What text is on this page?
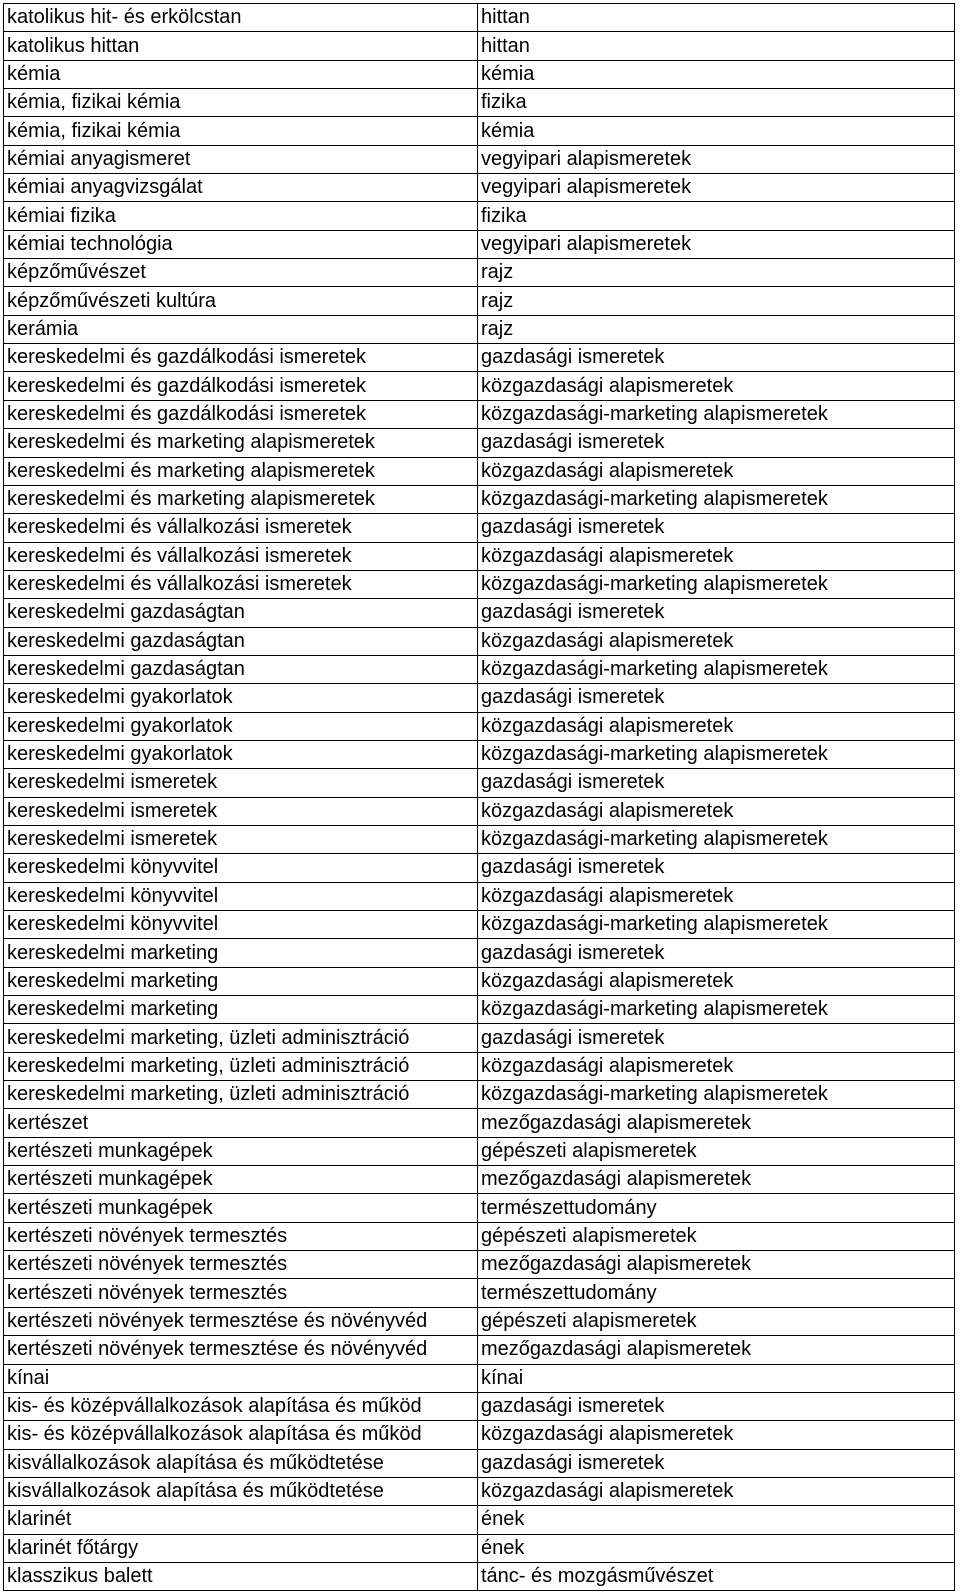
katolikus hit- és erkölcstan	hittan
katolikus hittan	hittan
kémia	kémia
kémia, fizikai kémia	fizika
kémia, fizikai kémia	kémia
kémiai anyagismeret	vegyipari alapismeretek
kémiai anyagvizsgálat	vegyipari alapismeretek
kémiai fizika	fizika
kémiai technológia	vegyipari alapismeretek
képzőművészet	rajz
képzőművészeti kultúra	rajz
kerámia	rajz
kereskedelmi és gazdálkodási ismeretek	gazdasági ismeretek
kereskedelmi és gazdálkodási ismeretek	közgazdasági alapismeretek
kereskedelmi és gazdálkodási ismeretek	közgazdasági-marketing alapismeretek
kereskedelmi és marketing alapismeretek	gazdasági ismeretek
kereskedelmi és marketing alapismeretek	közgazdasági alapismeretek
kereskedelmi és marketing alapismeretek	közgazdasági-marketing alapismeretek
kereskedelmi és vállalkozási ismeretek	gazdasági ismeretek
kereskedelmi és vállalkozási ismeretek	közgazdasági alapismeretek
kereskedelmi és vállalkozási ismeretek	közgazdasági-marketing alapismeretek
kereskedelmi gazdaságtan	gazdasági ismeretek
kereskedelmi gazdaságtan	közgazdasági alapismeretek
kereskedelmi gazdaságtan	közgazdasági-marketing alapismeretek
kereskedelmi gyakorlatok	gazdasági ismeretek
kereskedelmi gyakorlatok	közgazdasági alapismeretek
kereskedelmi gyakorlatok	közgazdasági-marketing alapismeretek
kereskedelmi ismeretek	gazdasági ismeretek
kereskedelmi ismeretek	közgazdasági alapismeretek
kereskedelmi ismeretek	közgazdasági-marketing alapismeretek
kereskedelmi könyvvitel	gazdasági ismeretek
kereskedelmi könyvvitel	közgazdasági alapismeretek
kereskedelmi könyvvitel	közgazdasági-marketing alapismeretek
kereskedelmi marketing	gazdasági ismeretek
kereskedelmi marketing	közgazdasági alapismeretek
kereskedelmi marketing	közgazdasági-marketing alapismeretek
kereskedelmi marketing, üzleti adminisztráció	gazdasági ismeretek
kereskedelmi marketing, üzleti adminisztráció	közgazdasági alapismeretek
kereskedelmi marketing, üzleti adminisztráció	közgazdasági-marketing alapismeretek
kertészet	mezőgazdasági alapismeretek
kertészeti munkagépek	gépészeti alapismeretek
kertészeti munkagépek	mezőgazdasági alapismeretek
kertészeti munkagépek	természettudomány
kertészeti növények termesztés	gépészeti alapismeretek
kertészeti növények termesztés	mezőgazdasági alapismeretek
kertészeti növények termesztés	természettudomány
kertészeti növények termesztése és növényvéd	gépészeti alapismeretek
kertészeti növények termesztése és növényvéd	mezőgazdasági alapismeretek
kínai	kínai
kis- és középvállalkozások alapítása és működ	gazdasági ismeretek
kis- és középvállalkozások alapítása és működ	közgazdasági alapismeretek
kisvállalkozások alapítása és működtetése	gazdasági ismeretek
kisvállalkozások alapítása és működtetése	közgazdasági alapismeretek
klarinét	ének
klarinét főtárgy	ének
klasszikus balett	tánc- és mozgásművészet
